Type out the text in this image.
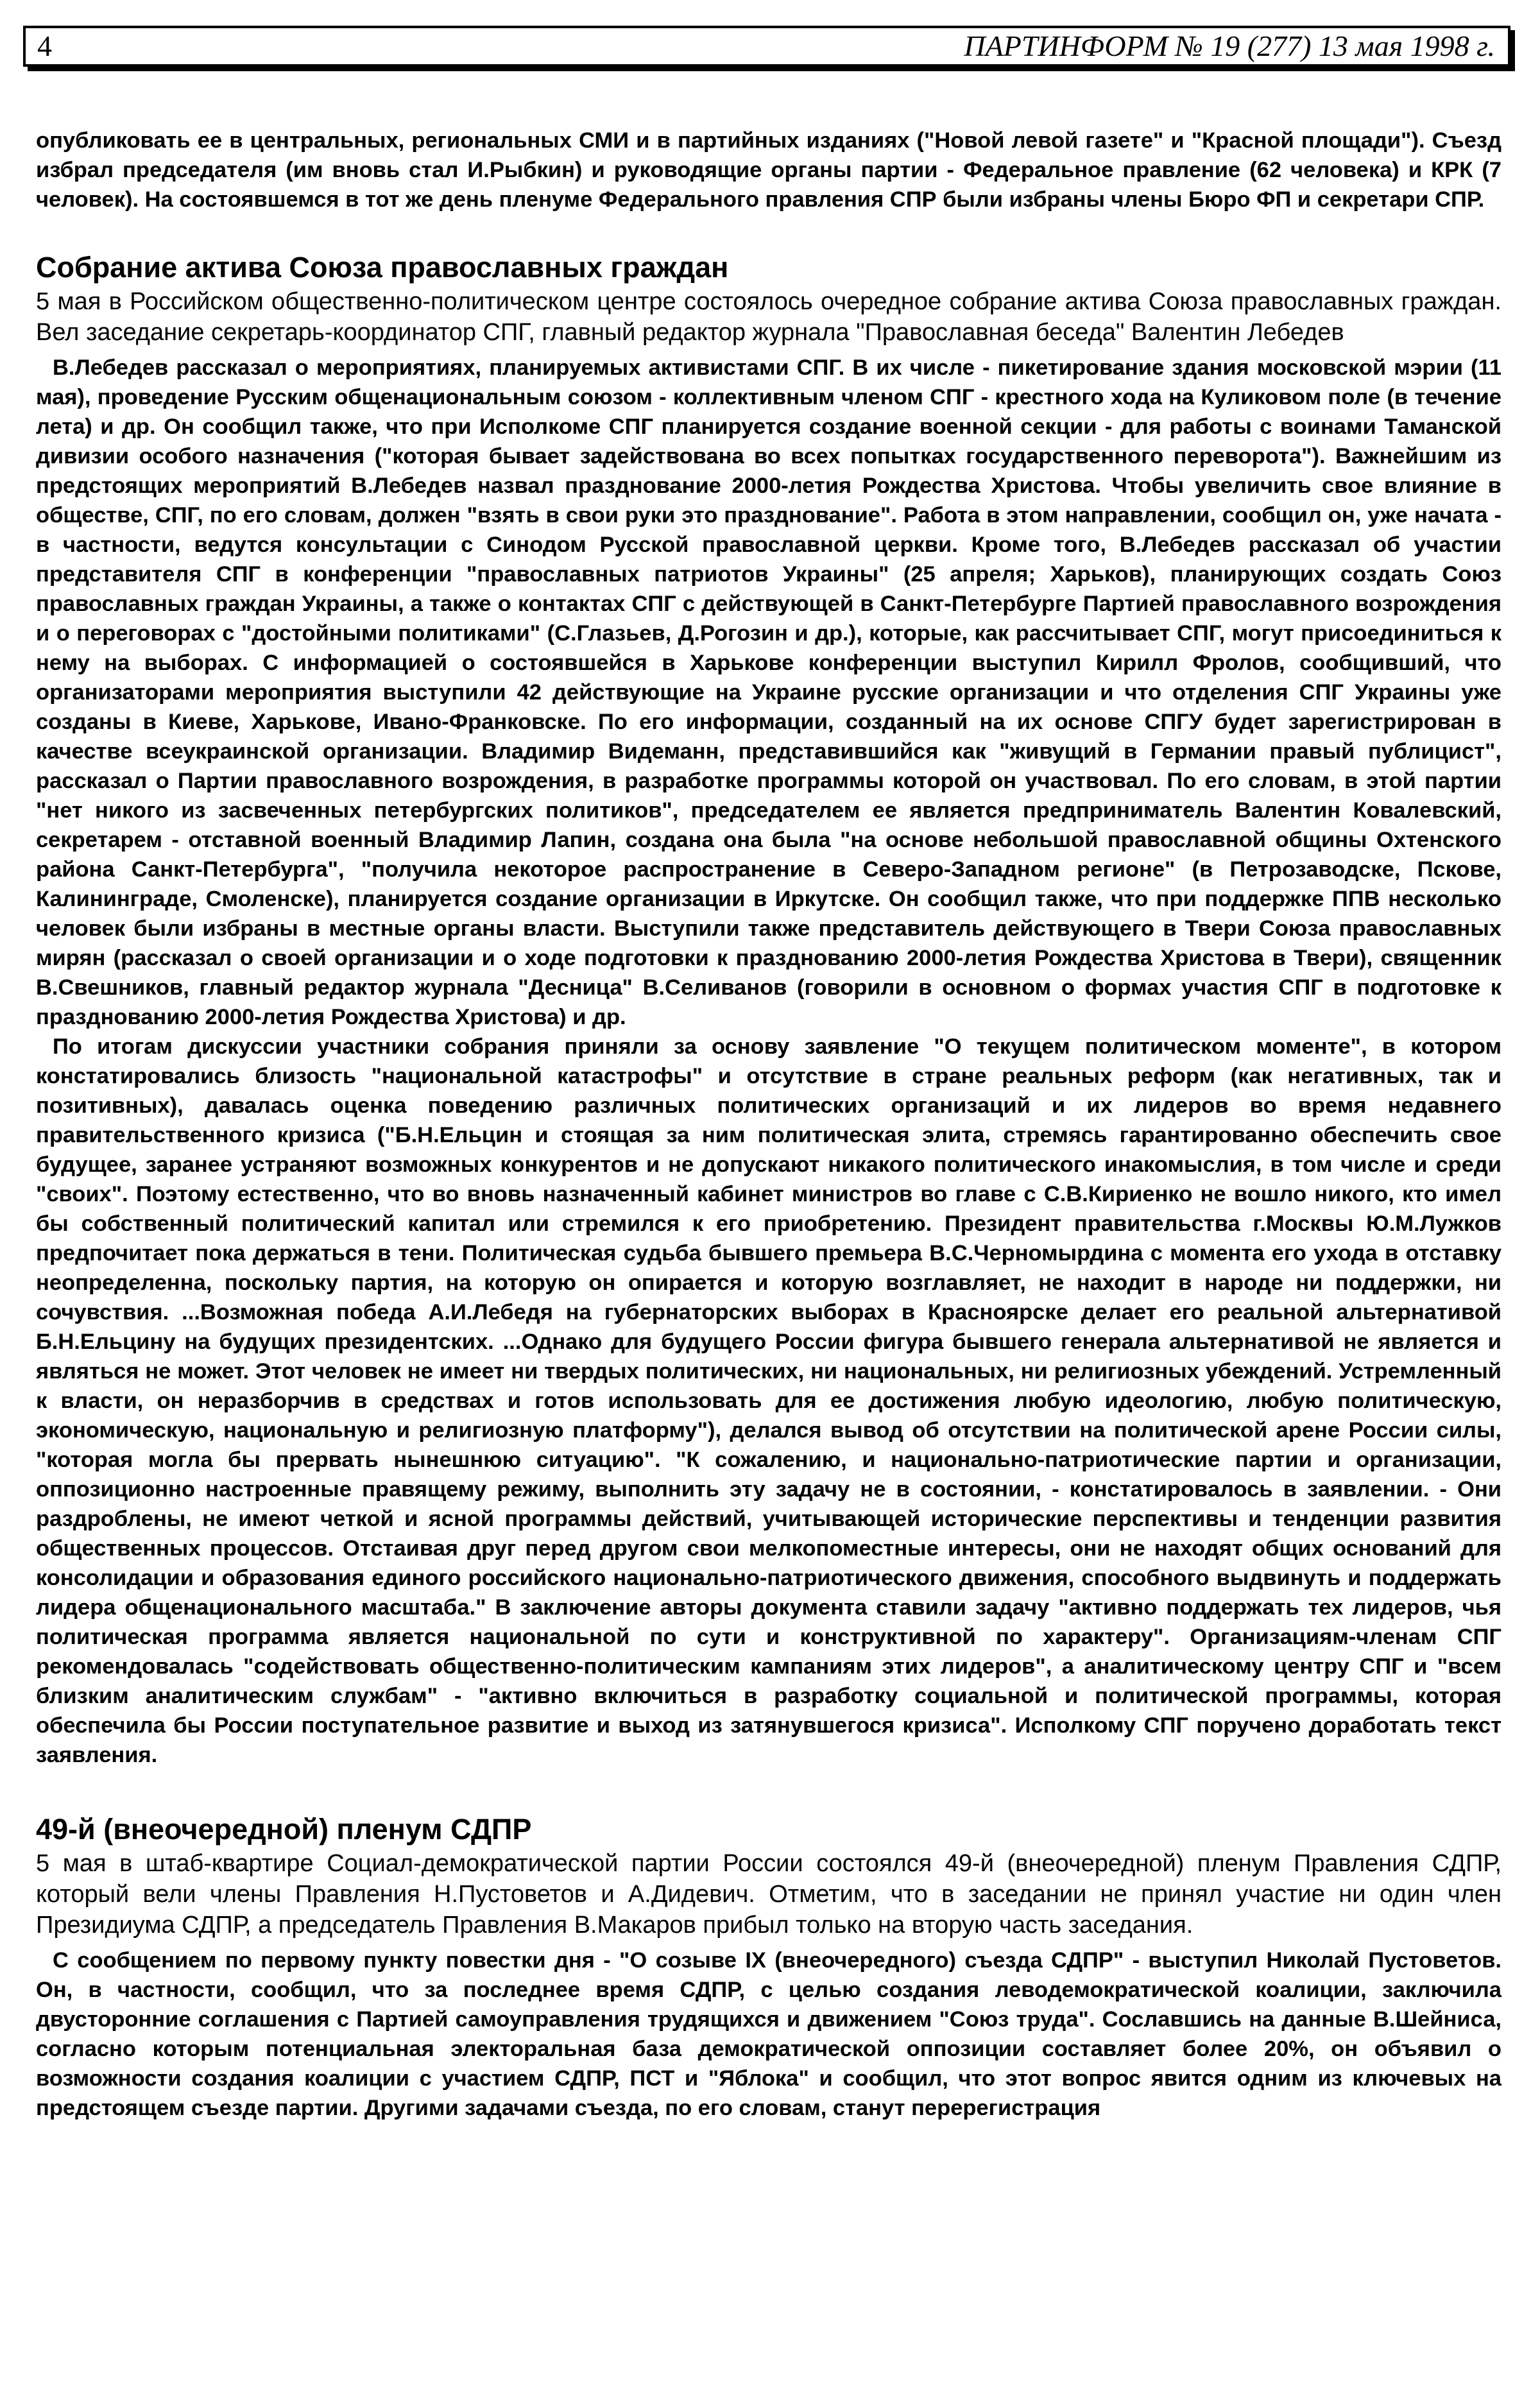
4	ПАРТИНФОРМ № 19 (277) 13 мая 1998 г.

опубликовать ее в центральных, региональных СМИ и в партийных изданиях ("Новой левой газете" и "Красной площади"). Съезд избрал председателя (им вновь стал И.Рыбкин) и руководящие органы партии - Федеральное правление (62 человека) и КРК (7 человек). На состоявшемся в тот же день пленуме Федерального правления СПР были избраны члены Бюро ФП и секретари СПР.

Собрание актива Союза православных граждан

5 мая в Российском общественно-политическом центре состоялось очередное собрание актива Союза православных граждан. Вел заседание секретарь-координатор СПГ, главный редактор журнала "Православная беседа" Валентин Лебедев

В.Лебедев рассказал о мероприятиях, планируемых активистами СПГ. В их числе - пикетирование здания московской мэрии (11 мая), проведение Русским общенациональным союзом - коллективным членом СПГ - крестного хода на Куликовом поле (в течение лета) и др. Он сообщил также, что при Исполкоме СПГ планируется создание военной секции - для работы с воинами Таманской дивизии особого назначения ("которая бывает задействована во всех попытках государственного переворота"). Важнейшим из предстоящих мероприятий В.Лебедев назвал празднование 2000-летия Рождества Христова. Чтобы увеличить свое влияние в обществе, СПГ, по его словам, должен "взять в свои руки это празднование". Работа в этом направлении, сообщил он, уже начата - в частности, ведутся консультации с Синодом Русской православной церкви. Кроме того, В.Лебедев рассказал об участии представителя СПГ в конференции "православных патриотов Украины" (25 апреля; Харьков), планирующих создать Союз православных граждан Украины, а также о контактах СПГ с действующей в Санкт-Петербурге Партией православного возрождения и о переговорах с "достойными политиками" (С.Глазьев, Д.Рогозин и др.), которые, как рассчитывает СПГ, могут присоединиться к нему на выборах. С информацией о состоявшейся в Харькове конференции выступил Кирилл Фролов, сообщивший, что организаторами мероприятия выступили 42 действующие на Украине русские организации и что отделения СПГ Украины уже созданы в Киеве, Харькове, Ивано-Франковске. По его информации, созданный на их основе СПГУ будет зарегистрирован в качестве всеукраинской организации. Владимир Видеманн, представившийся как "живущий в Германии правый публицист", рассказал о Партии православного возрождения, в разработке программы которой он участвовал. По его словам, в этой партии "нет никого из засвеченных петербургских политиков", председателем ее является предприниматель Валентин Ковалевский, секретарем - отставной военный Владимир Лапин, создана она была "на основе небольшой православной общины Охтенского района Санкт-Петербурга", "получила некоторое распространение в Северо-Западном регионе" (в Петрозаводске, Пскове, Калининграде, Смоленске), планируется создание организации в Иркутске. Он сообщил также, что при поддержке ППВ несколько человек были избраны в местные органы власти. Выступили также представитель действующего в Твери Союза православных мирян (рассказал о своей организации и о ходе подготовки к празднованию 2000-летия Рождества Христова в Твери), священник В.Свешников, главный редактор журнала "Десница" В.Селиванов (говорили в основном о формах участия СПГ в подготовке к празднованию 2000-летия Рождества Христова) и др.

По итогам дискуссии участники собрания приняли за основу заявление "О текущем политическом моменте", в котором констатировались близость "национальной катастрофы" и отсутствие в стране реальных реформ (как негативных, так и позитивных), давалась оценка поведению различных политических организаций и их лидеров во время недавнего правительственного кризиса ("Б.Н.Ельцин и стоящая за ним политическая элита, стремясь гарантированно обеспечить свое будущее, заранее устраняют возможных конкурентов и не допускают никакого политического инакомыслия, в том числе и среди "своих". Поэтому естественно, что во вновь назначенный кабинет министров во главе с С.В.Кириенко не вошло никого, кто имел бы собственный политический капитал или стремился к его приобретению. Президент правительства г.Москвы Ю.М.Лужков предпочитает пока держаться в тени. Политическая судьба бывшего премьера В.С.Черномырдина с момента его ухода в отставку неопределенна, поскольку партия, на которую он опирается и которую возглавляет, не находит в народе ни поддержки, ни сочувствия. ...Возможная победа А.И.Лебедя на губернаторских выборах в Красноярске делает его реальной альтернативой Б.Н.Ельцину на будущих президентских. ...Однако для будущего России фигура бывшего генерала альтернативой не является и являться не может. Этот человек не имеет ни твердых политических, ни национальных, ни религиозных убеждений. Устремленный к власти, он неразборчив в средствах и готов использовать для ее достижения любую идеологию, любую политическую, экономическую, национальную и религиозную платформу"), делался вывод об отсутствии на политической арене России силы, "которая могла бы прервать нынешнюю ситуацию". "К сожалению, и национально-патриотические партии и организации, оппозиционно настроенные правящему режиму, выполнить эту задачу не в состоянии, - констатировалось в заявлении. - Они раздроблены, не имеют четкой и ясной программы действий, учитывающей исторические перспективы и тенденции развития общественных процессов. Отстаивая друг перед другом свои мелкопоместные интересы, они не находят общих оснований для консолидации и образования единого российского национально-патриотического движения, способного выдвинуть и поддержать лидера общенационального масштаба." В заключение авторы документа ставили задачу "активно поддержать тех лидеров, чья политическая программа является национальной по сути и конструктивной по характеру". Организациям-членам СПГ рекомендовалась "содействовать общественно-политическим кампаниям этих лидеров", а аналитическому центру СПГ и "всем близким аналитическим службам" - "активно включиться в разработку социальной и политической программы, которая обеспечила бы России поступательное развитие и выход из затянувшегося кризиса". Исполкому СПГ поручено доработать текст заявления.

49-й (внеочередной) пленум СДПР

5 мая в штаб-квартире Социал-демократической партии России состоялся 49-й (внеочередной) пленум Правления СДПР, который вели члены Правления Н.Пустоветов и А.Дидевич. Отметим, что в заседании не принял участие ни один член Президиума СДПР, а председатель Правления В.Макаров прибыл только на вторую часть заседания.

С сообщением по первому пункту повестки дня - "О созыве IX (внеочередного) съезда СДПР" - выступил Николай Пустоветов. Он, в частности, сообщил, что за последнее время СДПР, с целью создания леводемократической коалиции, заключила двусторонние соглашения с Партией самоуправления трудящихся и движением "Союз труда". Сославшись на данные В.Шейниса, согласно которым потенциальная электоральная база демократической оппозиции составляет более 20%, он объявил о возможности создания коалиции с участием СДПР, ПСТ и "Яблока" и сообщил, что этот вопрос явится одним из ключевых на предстоящем съезде партии. Другими задачами съезда, по его словам, станут перерегистрация
